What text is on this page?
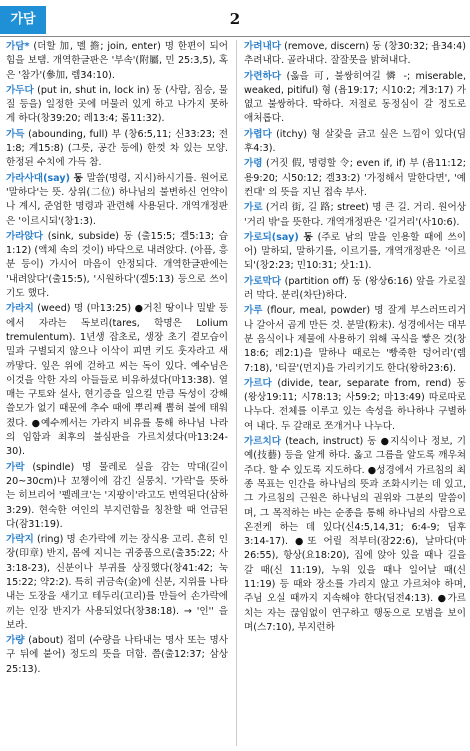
가담	2
가담* (더할 加, 멜 擔; join, enter) 명 한편이 되어 힘을 보탬. 개역한글판은 '부속'(附屬, 민 25:3,5), 혹은 '참가'(參加, 렘34:10).
가두다 (put in, shut in, lock in) 동 (사람, 짐승, 물질 등을) 일정한 곳에 머물러 있게 하고 나가지 못하게 하다(창39:20; 레13:4; 롬11:32).
가득 (abounding, full) 부 (창6:5,11; 신33:23; 전1:8; 계15:8) (그릇, 공간 등에) 한껏 차 있는 모양. 한정된 수치에 가득 참.
가라사대(say) 동 말씀(명령, 지시)하시기를. 원어로 '말하다'는 뜻. 상위(二位) 하나님의 불변하신 언약이나 계시, 준엄한 명령과 관련해 사용된다. 개역개정판은 '이르시되'(창1:3).
가라앉다 (sink, subside) 동 (출15:5; 겔5:13; 습1:12) (액체 속의 것이) 바닥으로 내려앉다. (아픔, 흥분 등이) 가시어 마음이 안정되다. 개역한글판에는 '내려앉다'(출15:5), '시원하다'(겔5:13) 등으로 쓰이기도 했다.
가라지 (weed) 명 (마13:25) ●거친 땅이나 밀밭 등에서 자라는 독보리(tares, 학명은 Lolium tremulentum). 1년생 잡초로, 생장 초기 곁모습이 밀과 구별되지 않으나 이삭이 피면 키도 훗자라고 새까맣다. 잎은 위에 걷하고 씨는 독이 있다. 예수님은 이것을 악한 자의 아들들로 비유하셨다(마13:38). 열매는 구토와 설사, 현기증을 일으킬 만큼 독성이 강해 쓸모가 없기 때문에 추수 때에 뿌리째 뽑혀 불에 태워졌다. ●예수께서는 가라지 비유를 통해 하나님 나라의 임함과 최후의 불심판을 가르치셨다(마13:24-30).
가락 (spindle) 명 물레로 실을 감는 막대(길이 20~30cm)나 꼬챙이에 감긴 실뭉치. '가락'을 뜻하는 히브리어 '펠레크'는 '지팡이'라고도 번역된다(삼하3:29). 현숙한 여인의 부지런함을 칭찬할 때 언급된다(잠31:19).
가락지 (ring) 명 손가락에 끼는 장식용 고리. 흔히 인장(印章) 반지, 몸에 지니는 귀중품으로(출35:22; 사3:18-23), 신분이나 부귀를 상징했다(창41:42; 눅15:22; 약2:2). 특히 귀금속(金)에 신분, 지위를 나타내는 도장을 새기고 테두리(고리)를 만들어 손가락에 끼는 인장 반지가 사용되었다(창38:18). → '인'' 을 보라.
가량 (about) 접미 (수량을 나타내는 명사 또는 명사구 뒤에 붙어) 정도의 뜻을 더함. 쯤(출12:37; 삼상25:13).
가려내다 (remove, discern) 동 (창30:32; 욥34:4) 추려내다. 골라내다. 잘잘못을 밝혀내다.
가련하다 (옳을 可, 불쌍히여길 憐 -; miserable, weaked, pitiful) 형 (욥19:17; 시10:2; 계3:17) 가엾고 불쌍하다. 딱하다. 저절로 동정심이 갈 정도로 애처롭다.
가렵다 (itchy) 형 살갗을 긁고 싶은 느낌이 있다(딤후4:3).
가령 (거짓 假, 명령할 令; even if, if) 부 (욥11:12; 용9:20; 시50:12; 겔33:2) '가정해서 말한다면', '예컨대' 의 뜻을 지닌 접속 부사.
가로 (거리 街, 길 路; street) 명 큰 길. 거리. 원어상 '거리 밖'을 뜻한다. 개역개정판은 '길거리'(사10:6).
가로되(say) 동 (주로 남의 말을 인용할 때에 쓰이어) 말하되, 말하기를, 이르기를, 개역개정판은 '이르되'(창2:23; 민10:31; 삿1:1).
가로막다 (partition off) 동 (왕상6:16) 앞을 가로질러 막다. 분리(차단)하다.
가루 (flour, meal, powder) 명 잘게 부스러뜨리거나 갈아서 곱게 만든 것. 분말(粉末). 성경에서는 대부분 음식이나 제물에 사용하기 위해 곡식을 빻은 것(창18:6; 레2:1)을 말하나 때로는 '빵죽한 덩어리'(렘7:18), '티끌'(먼지)을 가리키기도 한다(왕하23:6).
가르다 (divide, tear, separate from, rend) 동 (왕상19:11; 시78:13; 사59:2; 마13:49) 따로따로 나누다. 전체를 이루고 있는 속성을 하나하나 구별하여 내다. 두 갈래로 쪼개거나 나누다.
가르치다 (teach, instruct) 동 ●지식이나 정보, 기예(技藝) 등을 알게 하다. 옳고 그름을 알도록 깨우쳐 주다. 할 수 있도록 지도하다. ●성경에서 가르침의 최종 목표는 인간을 하나님의 뜻과 조화시키는 데 있고, 그 가르침의 근원은 하나님의 권위와 그분의 말씀이며, 그 목적하는 바는 순종을 통해 하나님의 사람으로 온전케 하는 데 있다(신4:5,14,31; 6:4-9; 딤후3:14-17). ●또 어릴 적부터(잠22:6), 날마다(마26:55), 항상(요18:20), 집에 앉아 있을 때나 길을 갈 때(신 11:19), 누워 있을 때나 일어날 때(신11:19) 등 때와 장소를 가리지 않고 가르쳐야 하며, 주님 오실 때까지 지속해야 한다(딤전4:13). ●가르치는 자는 끊임없이 연구하고 행동으로 모범을 보이며(스7:10), 부지런하
